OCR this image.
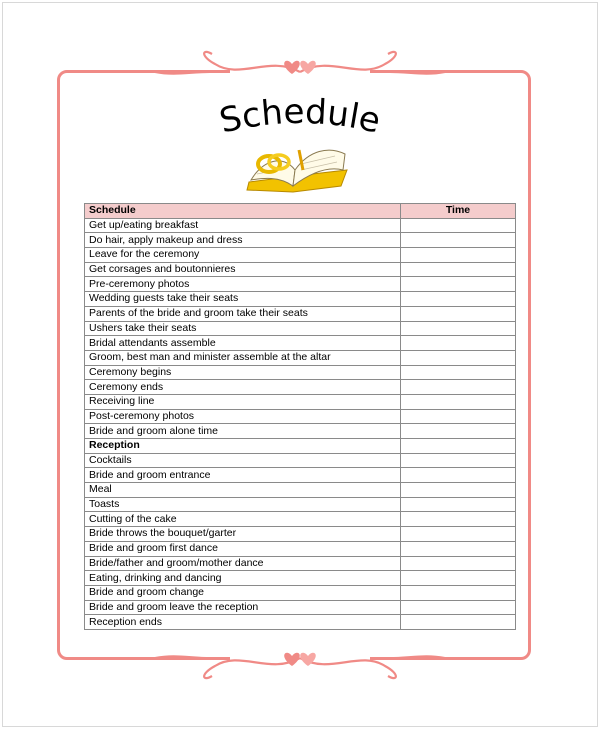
Schedule
Schedule	Time
Get up/eating breakfast	
Do hair, apply makeup and dress	
Leave for the ceremony	
Get corsages and boutonnieres	
Pre-ceremony photos	
Wedding guests take their seats	
Parents of the bride and groom take their seats	
Ushers take their seats	
Bridal attendants assemble	
Groom, best man and minister assemble at the altar	
Ceremony begins	
Ceremony ends	
Receiving line	
Post-ceremony photos	
Bride and groom alone time	
Reception	
Cocktails	
Bride and groom entrance	
Meal	
Toasts	
Cutting of the cake	
Bride throws the bouquet/garter	
Bride and groom first dance	
Bride/father and groom/mother dance	
Eating, drinking and dancing	
Bride and groom change	
Bride and groom leave the reception	
Reception ends	
